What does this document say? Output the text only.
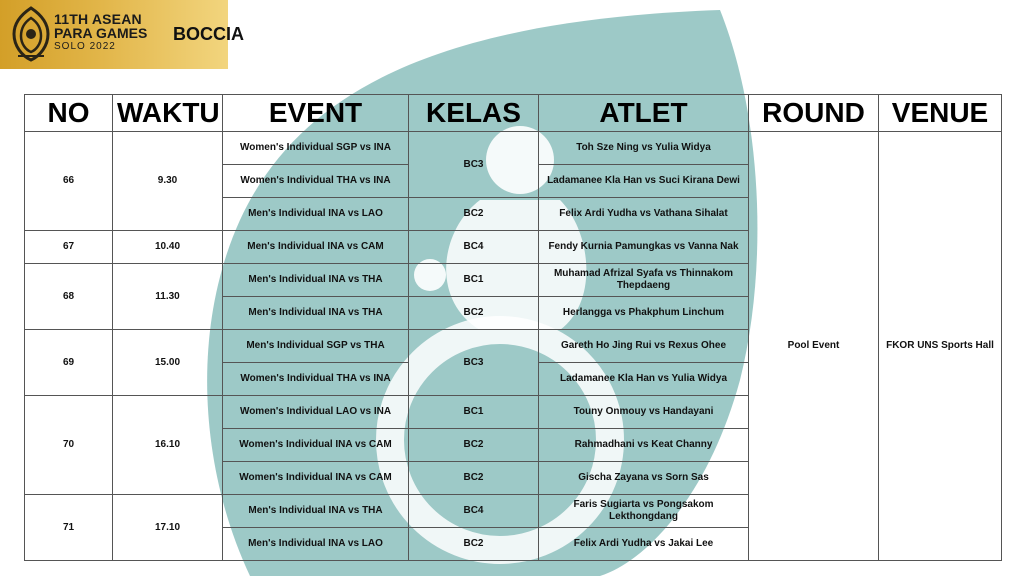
11TH ASEAN
PARA GAMES
SOLO 2022
BOCCIA
NO	WAKTU	EVENT	KELAS	ATLET	ROUND	VENUE
66	9.30	Women's Individual SGP vs INA	BC3	Toh Sze Ning vs Yulia Widya	Pool Event	FKOR UNS Sports Hall
		Women's Individual THA vs INA		Ladamanee Kla Han vs Suci Kirana Dewi		
		Men's Individual INA vs LAO	BC2	Felix Ardi Yudha vs Vathana Sihalat		
67	10.40	Men's Individual INA vs CAM	BC4	Fendy Kurnia Pamungkas vs Vanna Nak		
68	11.30	Men's Individual INA vs THA	BC1	Muhamad Afrizal Syafa vs Thinnakom Thepdaeng		
		Men's Individual INA vs THA	BC2	Herlangga vs Phakphum Linchum		
69	15.00	Men's Individual SGP vs THA	BC3	Gareth Ho Jing Rui vs Rexus Ohee		
		Women's Individual THA vs INA		Ladamanee Kla Han vs Yulia Widya		
70	16.10	Women's Individual LAO vs INA	BC1	Touny Onmouy vs Handayani		
		Women's Individual INA vs CAM	BC2	Rahmadhani vs Keat Channy		
		Women's Individual INA vs CAM	BC2	Gischa Zayana vs Sorn Sas		
71	17.10	Men's Individual INA vs THA	BC4	Faris Sugiarta vs Pongsakom Lekthongdang		
		Men's Individual INA vs LAO	BC2	Felix Ardi Yudha vs Jakai Lee		
